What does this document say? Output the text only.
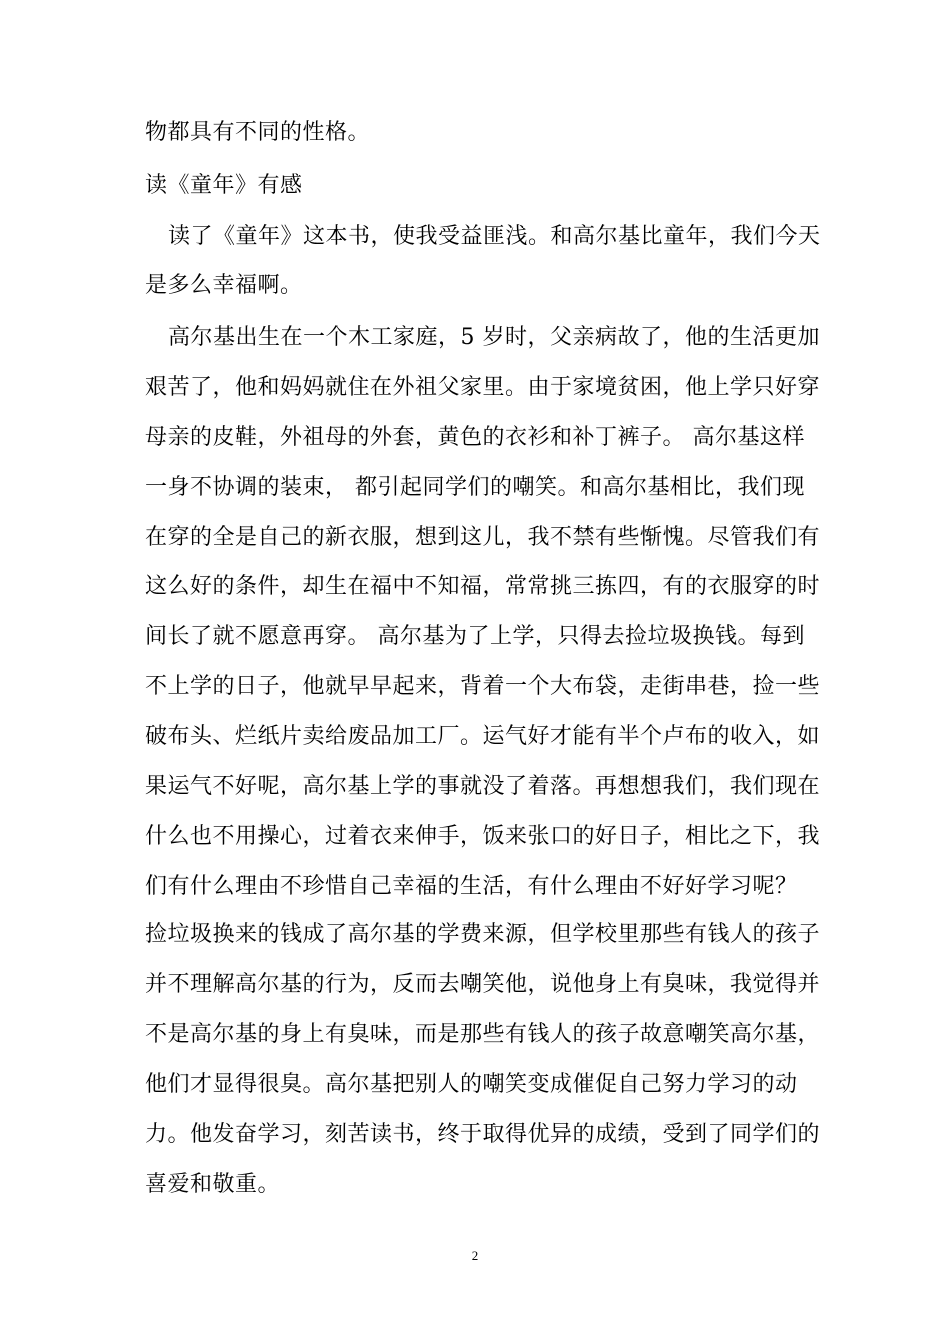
物都具有不同的性格。
读《童年》有感
读了《童年》这本书，使我受益匪浅。和高尔基比童年，我们今天
是多么幸福啊。
高尔基出生在一个木工家庭，5 岁时，父亲病故了，他的生活更加
艰苦了，他和妈妈就住在外祖父家里。由于家境贫困，他上学只好穿
母亲的皮鞋，外祖母的外套，黄色的衣衫和补丁裤子。 高尔基这样
一身不协调的装束， 都引起同学们的嘲笑。和高尔基相比，我们现
在穿的全是自己的新衣服，想到这儿，我不禁有些惭愧。尽管我们有
这么好的条件，却生在福中不知福，常常挑三拣四，有的衣服穿的时
间长了就不愿意再穿。 高尔基为了上学，只得去捡垃圾换钱。每到
不上学的日子，他就早早起来，背着一个大布袋，走街串巷，捡一些
破布头、烂纸片卖给废品加工厂。运气好才能有半个卢布的收入，如
果运气不好呢，高尔基上学的事就没了着落。再想想我们，我们现在
什么也不用操心，过着衣来伸手，饭来张口的好日子，相比之下，我
们有什么理由不珍惜自己幸福的生活，有什么理由不好好学习呢？
捡垃圾换来的钱成了高尔基的学费来源，但学校里那些有钱人的孩子
并不理解高尔基的行为，反而去嘲笑他，说他身上有臭味，我觉得并
不是高尔基的身上有臭味，而是那些有钱人的孩子故意嘲笑高尔基，
他们才显得很臭。高尔基把别人的嘲笑变成催促自己努力学习的动
力。他发奋学习，刻苦读书，终于取得优异的成绩，受到了同学们的
喜爱和敬重。
2
